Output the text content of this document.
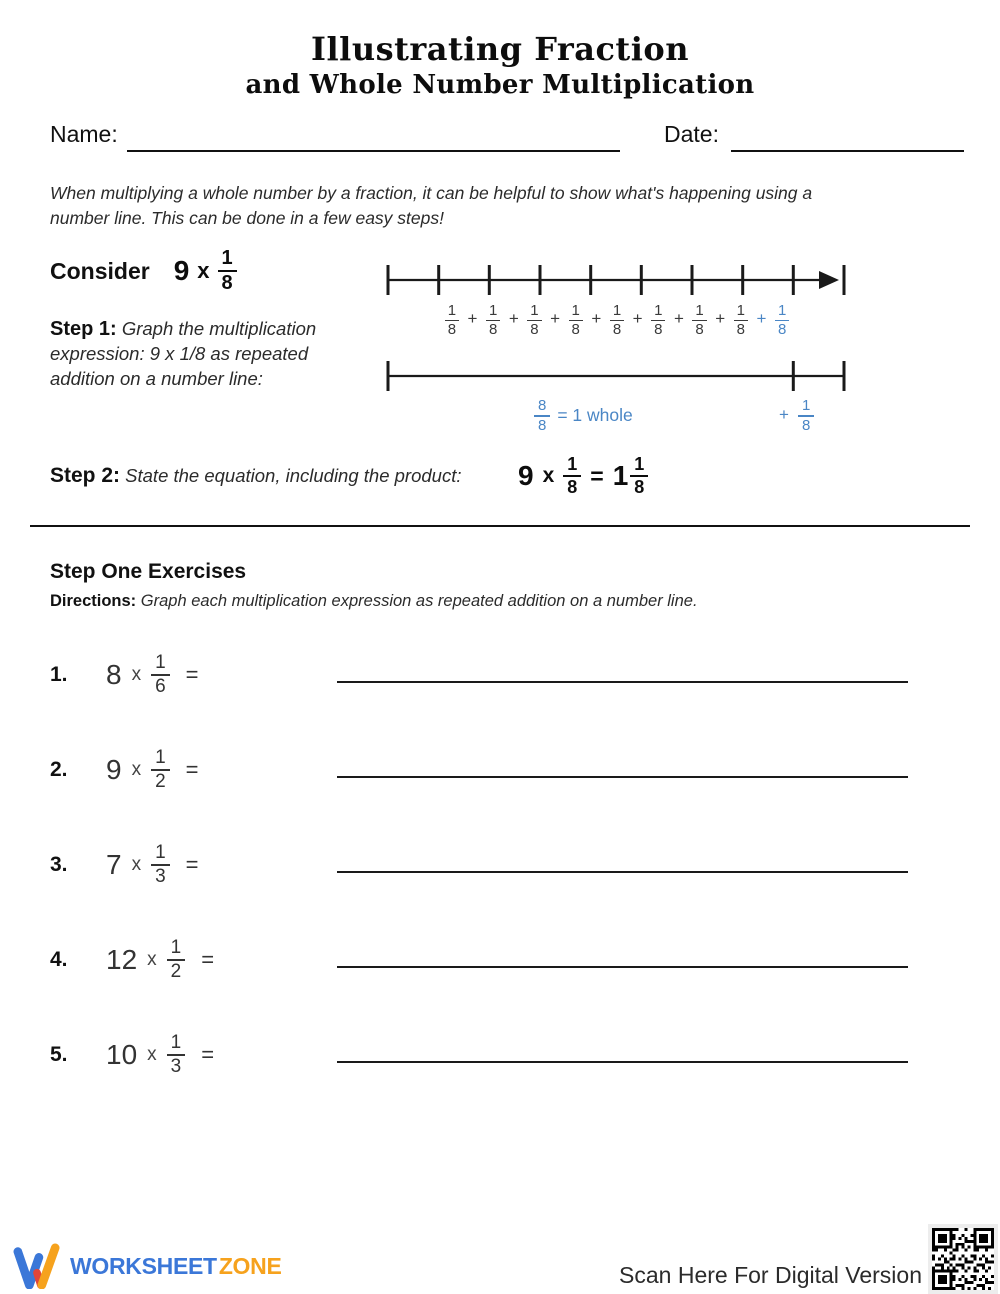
Illustrating Fraction
and Whole Number Multiplication
Name:	Date:
When multiplying a whole number by a fraction, it can be helpful to show what's happening using a
number line. This can be done in a few easy steps!
Consider 9 x $\frac{1}{8}$
Step 1: Graph the multiplication expression: 9 x 1/8 as repeated addition on a number line:
$\frac{1}{8} + \frac{1}{8} + \frac{1}{8} + \frac{1}{8} + \frac{1}{8} + \frac{1}{8} + \frac{1}{8} + \frac{1}{8} + \frac{1}{8}$
$\frac{8}{8} = 1$ whole	+ $\frac{1}{8}$
Step 2: State the equation, including the product: 9 x $\frac{1}{8} = 1 \frac{1}{8}$
Step One Exercises
Directions: Graph each multiplication expression as repeated addition on a number line.
1.	8 x $\frac{1}{6}$ =
2.	9 x $\frac{1}{2}$ =
3.	7 x $\frac{1}{3}$ =
4.	12 x $\frac{1}{2}$ =
5.	10 x $\frac{1}{3}$ =
WORKSHEET ZONE	Scan Here For Digital Version
